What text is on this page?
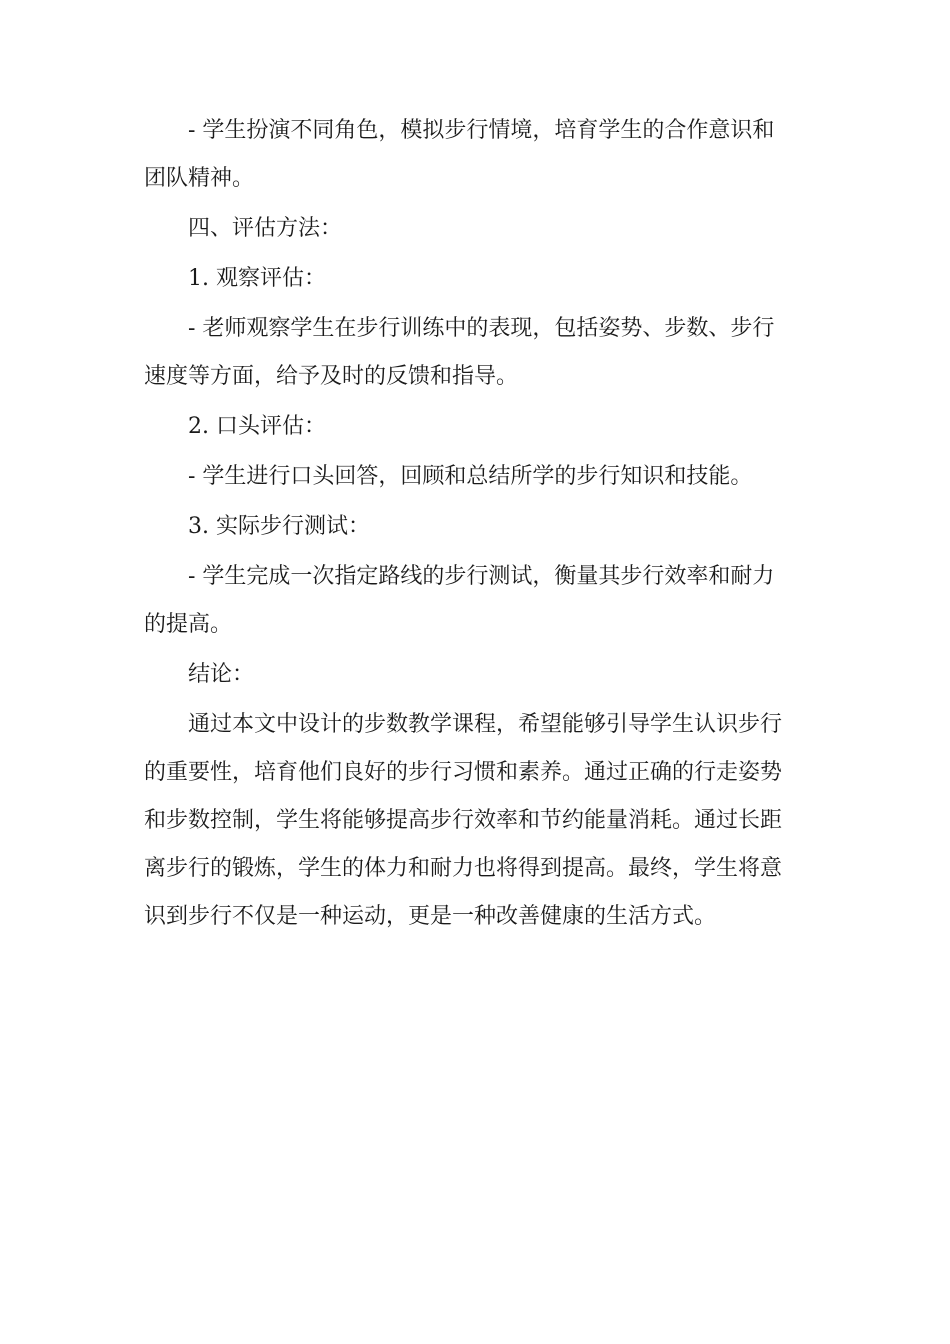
- 学生扮演不同角色，模拟步行情境，培育学生的合作意识和团队精神。

四、评估方法：

1. 观察评估：

- 老师观察学生在步行训练中的表现，包括姿势、步数、步行速度等方面，给予及时的反馈和指导。

2. 口头评估：

- 学生进行口头回答，回顾和总结所学的步行知识和技能。

3. 实际步行测试：

- 学生完成一次指定路线的步行测试，衡量其步行效率和耐力的提高。

结论：

通过本文中设计的步数教学课程，希望能够引导学生认识步行的重要性，培育他们良好的步行习惯和素养。通过正确的行走姿势和步数控制，学生将能够提高步行效率和节约能量消耗。通过长距离步行的锻炼，学生的体力和耐力也将得到提高。最终，学生将意识到步行不仅是一种运动，更是一种改善健康的生活方式。
